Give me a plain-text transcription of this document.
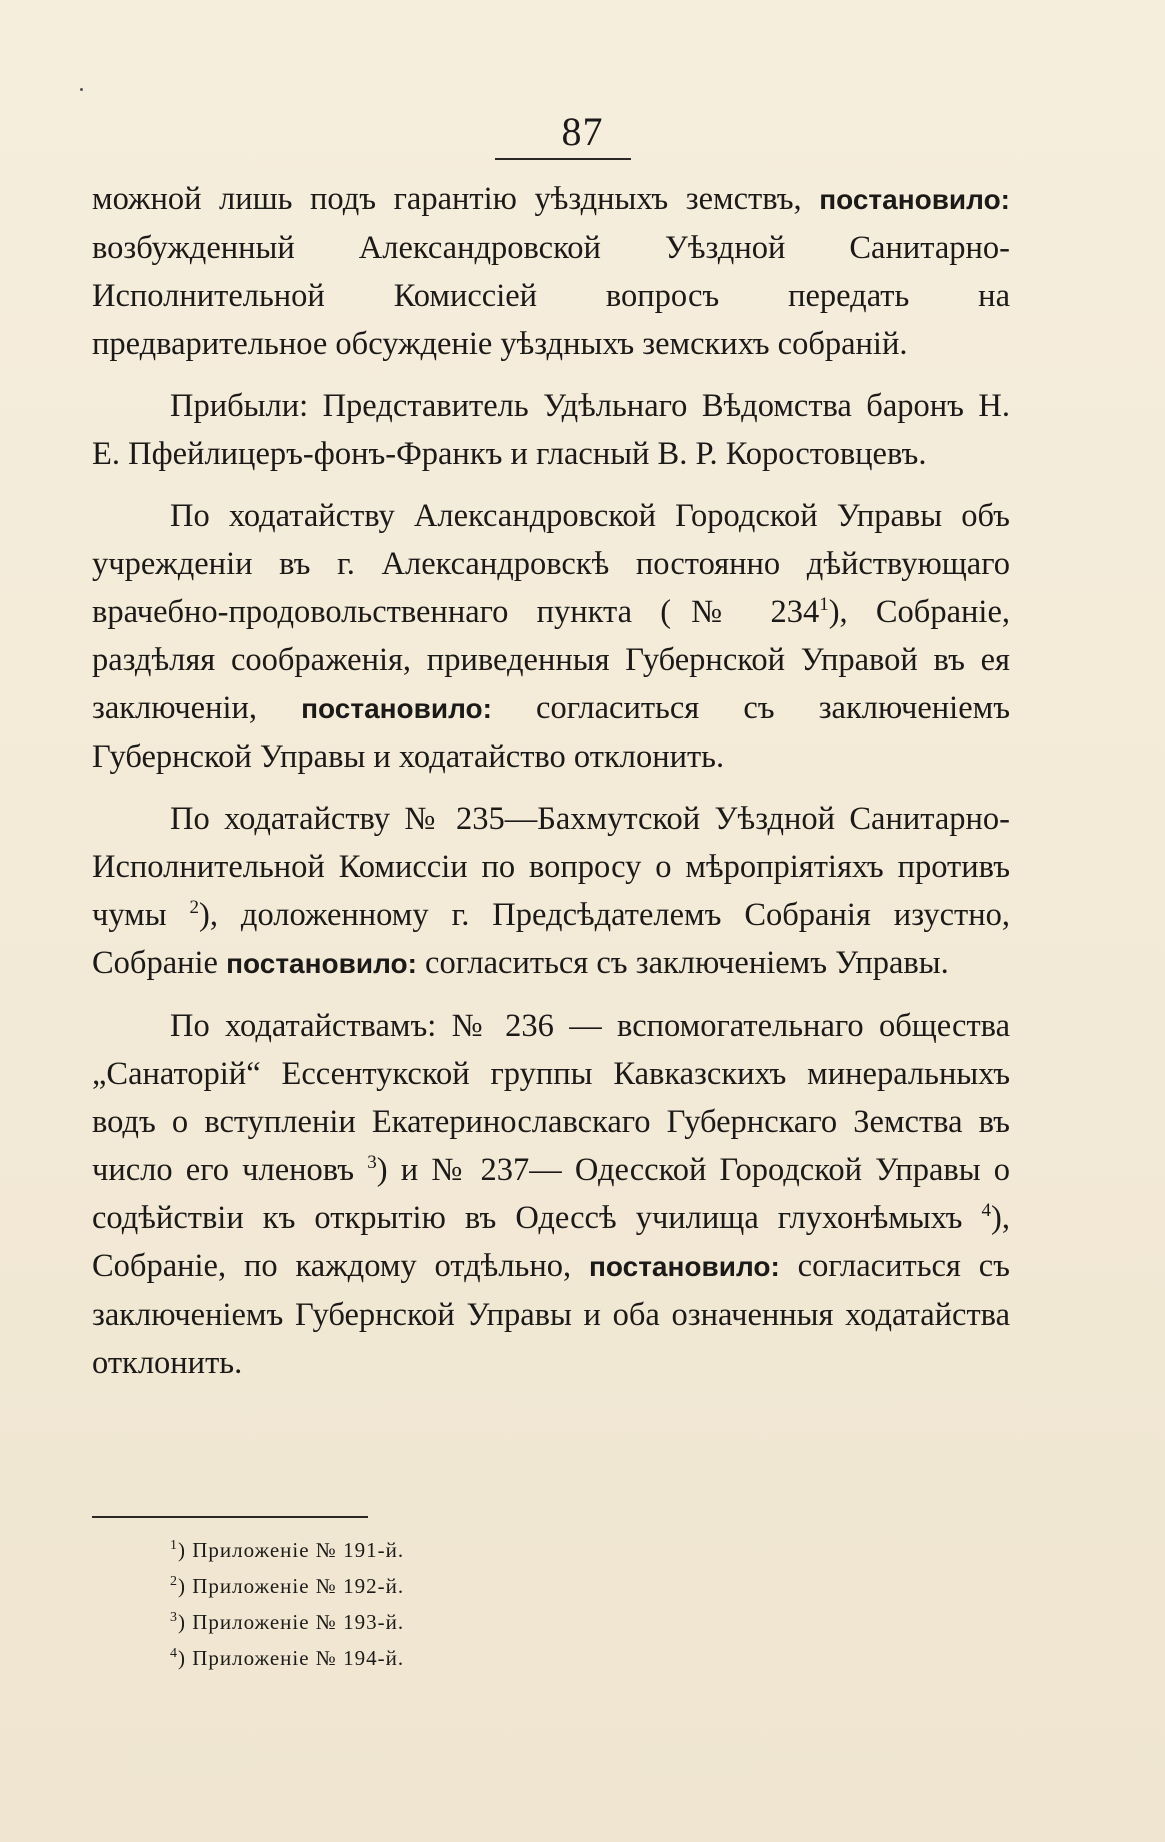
87

можной лишь подъ гарантію уѣздныхъ земствъ, постановило: возбужденный Александровской Уѣздной Санитарно-Исполнительной Комиссіей вопросъ передать на предварительное обсужденіе уѣздныхъ земскихъ собраній.

Прибыли: Представитель Удѣльнаго Вѣдомства баронъ Н. Е. Пфейлицеръ-фонъ-Франкъ и гласный В. Р. Коростовцевъ.

По ходатайству Александровской Городской Управы объ учрежденіи въ г. Александровскѣ постоянно дѣйствующаго врачебно-продовольственнаго пункта (№ $234^1$), Собраніе, раздѣляя соображенія, приведенныя Губернской Управой въ ея заключеніи, постановило: согласиться съ заключеніемъ Губернской Управы и ходатайство отклонить.

По ходатайству № 235—Бахмутской Уѣздной Санитарно-Исполнительной Комиссіи по вопросу о мѣропріятіяхъ противъ чумы $^2$), доложенному г. Предсѣдателемъ Собранія изустно, Собраніе постановило: согласиться съ заключеніемъ Управы.

По ходатайствамъ: № 236 — вспомогательнаго общества „Санаторій“ Ессентукской группы Кавказскихъ минеральныхъ водъ о вступленіи Екатеринославскаго Губернскаго Земства въ число его членовъ $^3$) и № 237— Одесской Городской Управы о содѣйствіи къ открытію въ Одессѣ училища глухонѣмыхъ $^4$), Собраніе, по каждому отдѣльно, постановило: согласиться съ заключеніемъ Губернской Управы и оба означенныя ходатайства отклонить.

$^1$) Приложеніе № 191-й.
$^2$) Приложеніе № 192-й.
$^3$) Приложеніе № 193-й.
$^4$) Приложеніе № 194-й.
